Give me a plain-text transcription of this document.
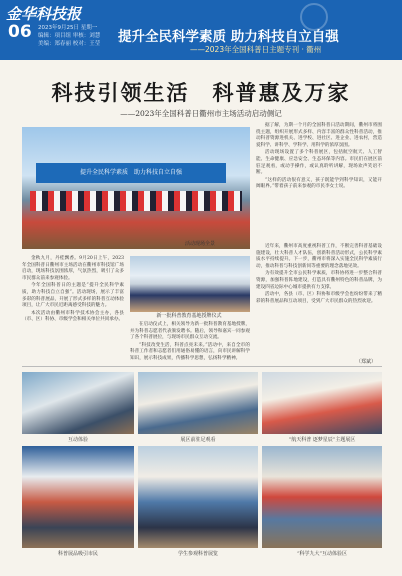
金华科技报
06 2023年9月25日 星期一
编辑：项目组 审核：刘慧
美编：郑春丽 校对：王莹	提升全民科学素质 助力科技自立自强
——2023年全国科普日主题专刊 · 衢州
科技引领生活　科普惠及万家
——2023年全国科普日衢州市主场活动启动侧记
提升全民科学素质　助力科技自立自强
活动现场全景
新一批科普教育基地授牌仪式

金秋九月，丹桂飘香。9月20日上午，2023年全国科普日衢州市主场活动在衢州市科技馆广场启动，现场科技氛围浓厚，气氛热烈，吸引了众多市民群众前来参观体验。

今年全国科普日的主题是“提升全民科学素质，助力科技自立自强”。活动现场，展示了丰富多彩的科普展品，开展了形式多样的科普互动体验项目，让广大市民近距离感受科技的魅力。

本次活动由衢州市科学技术协会主办，各县（市、区）科协、市级学会和相关单位共同承办。

在启动仪式上，相关领导为新一批科普教育基地授牌，并为科普志愿者代表颁发聘书。随后，领导和嘉宾一同参观了各个科普展位，与现场市民群众互动交流。

“科技改变生活，科普点亮未来。”活动中，来自全市的科普工作者和志愿者们用通俗易懂的语言，向市民讲解科学知识，展示科技成果，传播科学思想，弘扬科学精神。

据了解，为期一个月的全国科普日活动期间，衢州市将围绕主题，组织开展形式多样、内容丰富的群众性科普活动，推动科普资源进机关、进学校、进社区、进企业、进农村，营造爱科学、讲科学、学科学、用科学的浓厚氛围。

活动现场设置了多个科普展区，包括航空航天、人工智能、生命健康、应急安全、生态环保等内容。市民们在展区前驻足观看，或动手操作，或认真聆听讲解，现场欢声笑语不断。

“这样的活动很有意义，孩子既能学到科学知识，又能开阔眼界。”带着孩子前来参观的市民李女士说。

近年来，衢州市高度重视科普工作，不断完善科普基础设施建设，壮大科普人才队伍，创新科普活动形式，公民科学素质水平持续提升。下一步，衢州市将深入实施全民科学素质行动，推动科普与科技创新同等重要的理念落地见效。

为有效提升全市公民科学素质，市科协将进一步整合科普资源，加强科普阵地建设，打造具有衢州特色的科普品牌，为建设四省边际中心城市提供有力支撑。

活动中，各县（市、区）科协和市级学会也纷纷带来了精彩的科普展品和互动项目，受到广大市民群众的热烈欢迎。

（郑斌）
互动体验	展区前驻足观看	“航天科普 逐梦星辰”主题展区
科普展品吸引市民	学生参观科普展览	“科学九大”互动体验区
